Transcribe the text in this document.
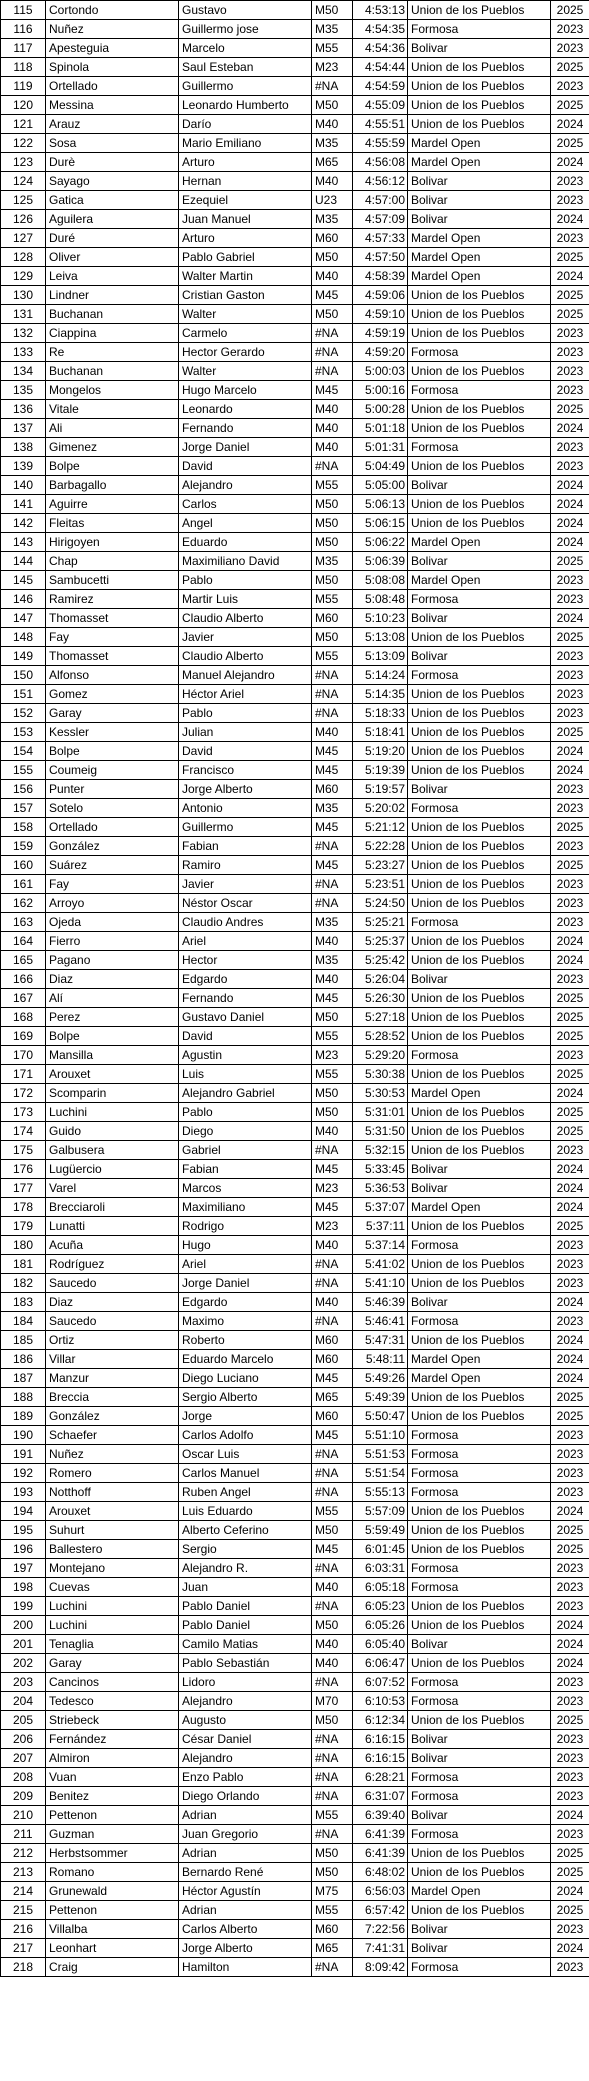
115	Cortondo	Gustavo	M50	4:53:13	Union de los Pueblos	2025
116	Nuñez	Guillermo jose	M35	4:54:35	Formosa	2023
117	Apesteguia	Marcelo	M55	4:54:36	Bolivar	2023
118	Spinola	Saul Esteban	M23	4:54:44	Union de los Pueblos	2025
119	Ortellado	Guillermo	#NA	4:54:59	Union de los Pueblos	2023
120	Messina	Leonardo Humberto	M50	4:55:09	Union de los Pueblos	2025
121	Arauz	Darío	M40	4:55:51	Union de los Pueblos	2024
122	Sosa	Mario Emiliano	M35	4:55:59	Mardel Open	2025
123	Durè	Arturo	M65	4:56:08	Mardel Open	2024
124	Sayago	Hernan	M40	4:56:12	Bolivar	2023
125	Gatica	Ezequiel	U23	4:57:00	Bolivar	2023
126	Aguilera	Juan Manuel	M35	4:57:09	Bolivar	2024
127	Duré	Arturo	M60	4:57:33	Mardel Open	2023
128	Oliver	Pablo Gabriel	M50	4:57:50	Mardel Open	2025
129	Leiva	Walter Martin	M40	4:58:39	Mardel Open	2024
130	Lindner	Cristian Gaston	M45	4:59:06	Union de los Pueblos	2025
131	Buchanan	Walter	M50	4:59:10	Union de los Pueblos	2025
132	Ciappina	Carmelo	#NA	4:59:19	Union de los Pueblos	2023
133	Re	Hector Gerardo	#NA	4:59:20	Formosa	2023
134	Buchanan	Walter	#NA	5:00:03	Union de los Pueblos	2023
135	Mongelos	Hugo Marcelo	M45	5:00:16	Formosa	2023
136	Vitale	Leonardo	M40	5:00:28	Union de los Pueblos	2025
137	Ali	Fernando	M40	5:01:18	Union de los Pueblos	2024
138	Gimenez	Jorge Daniel	M40	5:01:31	Formosa	2023
139	Bolpe	David	#NA	5:04:49	Union de los Pueblos	2023
140	Barbagallo	Alejandro	M55	5:05:00	Bolivar	2024
141	Aguirre	Carlos	M50	5:06:13	Union de los Pueblos	2024
142	Fleitas	Angel	M50	5:06:15	Union de los Pueblos	2024
143	Hirigoyen	Eduardo	M50	5:06:22	Mardel Open	2024
144	Chap	Maximiliano David	M35	5:06:39	Bolivar	2025
145	Sambucetti	Pablo	M50	5:08:08	Mardel Open	2023
146	Ramirez	Martir Luis	M55	5:08:48	Formosa	2023
147	Thomasset	Claudio Alberto	M60	5:10:23	Bolivar	2024
148	Fay	Javier	M50	5:13:08	Union de los Pueblos	2025
149	Thomasset	Claudio Alberto	M55	5:13:09	Bolivar	2023
150	Alfonso	Manuel Alejandro	#NA	5:14:24	Formosa	2023
151	Gomez	Héctor Ariel	#NA	5:14:35	Union de los Pueblos	2023
152	Garay	Pablo	#NA	5:18:33	Union de los Pueblos	2023
153	Kessler	Julian	M40	5:18:41	Union de los Pueblos	2025
154	Bolpe	David	M45	5:19:20	Union de los Pueblos	2024
155	Coumeig	Francisco	M45	5:19:39	Union de los Pueblos	2024
156	Punter	Jorge Alberto	M60	5:19:57	Bolivar	2023
157	Sotelo	Antonio	M35	5:20:02	Formosa	2023
158	Ortellado	Guillermo	M45	5:21:12	Union de los Pueblos	2025
159	González	Fabian	#NA	5:22:28	Union de los Pueblos	2023
160	Suárez	Ramiro	M45	5:23:27	Union de los Pueblos	2025
161	Fay	Javier	#NA	5:23:51	Union de los Pueblos	2023
162	Arroyo	Néstor Oscar	#NA	5:24:50	Union de los Pueblos	2023
163	Ojeda	Claudio Andres	M35	5:25:21	Formosa	2023
164	Fierro	Ariel	M40	5:25:37	Union de los Pueblos	2024
165	Pagano	Hector	M35	5:25:42	Union de los Pueblos	2024
166	Diaz	Edgardo	M40	5:26:04	Bolivar	2023
167	Alí	Fernando	M45	5:26:30	Union de los Pueblos	2025
168	Perez	Gustavo Daniel	M50	5:27:18	Union de los Pueblos	2025
169	Bolpe	David	M55	5:28:52	Union de los Pueblos	2025
170	Mansilla	Agustin	M23	5:29:20	Formosa	2023
171	Arouxet	Luis	M55	5:30:38	Union de los Pueblos	2025
172	Scomparin	Alejandro Gabriel	M50	5:30:53	Mardel Open	2024
173	Luchini	Pablo	M50	5:31:01	Union de los Pueblos	2025
174	Guido	Diego	M40	5:31:50	Union de los Pueblos	2025
175	Galbusera	Gabriel	#NA	5:32:15	Union de los Pueblos	2023
176	Lugüercio	Fabian	M45	5:33:45	Bolivar	2024
177	Varel	Marcos	M23	5:36:53	Bolivar	2024
178	Brecciaroli	Maximiliano	M45	5:37:07	Mardel Open	2024
179	Lunatti	Rodrigo	M23	5:37:11	Union de los Pueblos	2025
180	Acuña	Hugo	M40	5:37:14	Formosa	2023
181	Rodríguez	Ariel	#NA	5:41:02	Union de los Pueblos	2023
182	Saucedo	Jorge Daniel	#NA	5:41:10	Union de los Pueblos	2023
183	Diaz	Edgardo	M40	5:46:39	Bolivar	2024
184	Saucedo	Maximo	#NA	5:46:41	Formosa	2023
185	Ortiz	Roberto	M60	5:47:31	Union de los Pueblos	2024
186	Villar	Eduardo Marcelo	M60	5:48:11	Mardel Open	2024
187	Manzur	Diego Luciano	M45	5:49:26	Mardel Open	2024
188	Breccia	Sergio Alberto	M65	5:49:39	Union de los Pueblos	2025
189	González	Jorge	M60	5:50:47	Union de los Pueblos	2025
190	Schaefer	Carlos Adolfo	M45	5:51:10	Formosa	2023
191	Nuñez	Oscar Luis	#NA	5:51:53	Formosa	2023
192	Romero	Carlos Manuel	#NA	5:51:54	Formosa	2023
193	Notthoff	Ruben Angel	#NA	5:55:13	Formosa	2023
194	Arouxet	Luis Eduardo	M55	5:57:09	Union de los Pueblos	2024
195	Suhurt	Alberto Ceferino	M50	5:59:49	Union de los Pueblos	2025
196	Ballestero	Sergio	M45	6:01:45	Union de los Pueblos	2025
197	Montejano	Alejandro R.	#NA	6:03:31	Formosa	2023
198	Cuevas	Juan	M40	6:05:18	Formosa	2023
199	Luchini	Pablo Daniel	#NA	6:05:23	Union de los Pueblos	2023
200	Luchini	Pablo Daniel	M50	6:05:26	Union de los Pueblos	2024
201	Tenaglia	Camilo Matias	M40	6:05:40	Bolivar	2024
202	Garay	Pablo Sebastián	M40	6:06:47	Union de los Pueblos	2024
203	Cancinos	Lidoro	#NA	6:07:52	Formosa	2023
204	Tedesco	Alejandro	M70	6:10:53	Formosa	2023
205	Striebeck	Augusto	M50	6:12:34	Union de los Pueblos	2025
206	Fernández	César Daniel	#NA	6:16:15	Bolivar	2023
207	Almiron	Alejandro	#NA	6:16:15	Bolivar	2023
208	Vuan	Enzo Pablo	#NA	6:28:21	Formosa	2023
209	Benitez	Diego Orlando	#NA	6:31:07	Formosa	2023
210	Pettenon	Adrian	M55	6:39:40	Bolivar	2024
211	Guzman	Juan Gregorio	#NA	6:41:39	Formosa	2023
212	Herbstsommer	Adrian	M50	6:41:39	Union de los Pueblos	2025
213	Romano	Bernardo René	M50	6:48:02	Union de los Pueblos	2025
214	Grunewald	Héctor Agustín	M75	6:56:03	Mardel Open	2024
215	Pettenon	Adrian	M55	6:57:42	Union de los Pueblos	2025
216	Villalba	Carlos Alberto	M60	7:22:56	Bolivar	2023
217	Leonhart	Jorge Alberto	M65	7:41:31	Bolivar	2024
218	Craig	Hamilton	#NA	8:09:42	Formosa	2023
